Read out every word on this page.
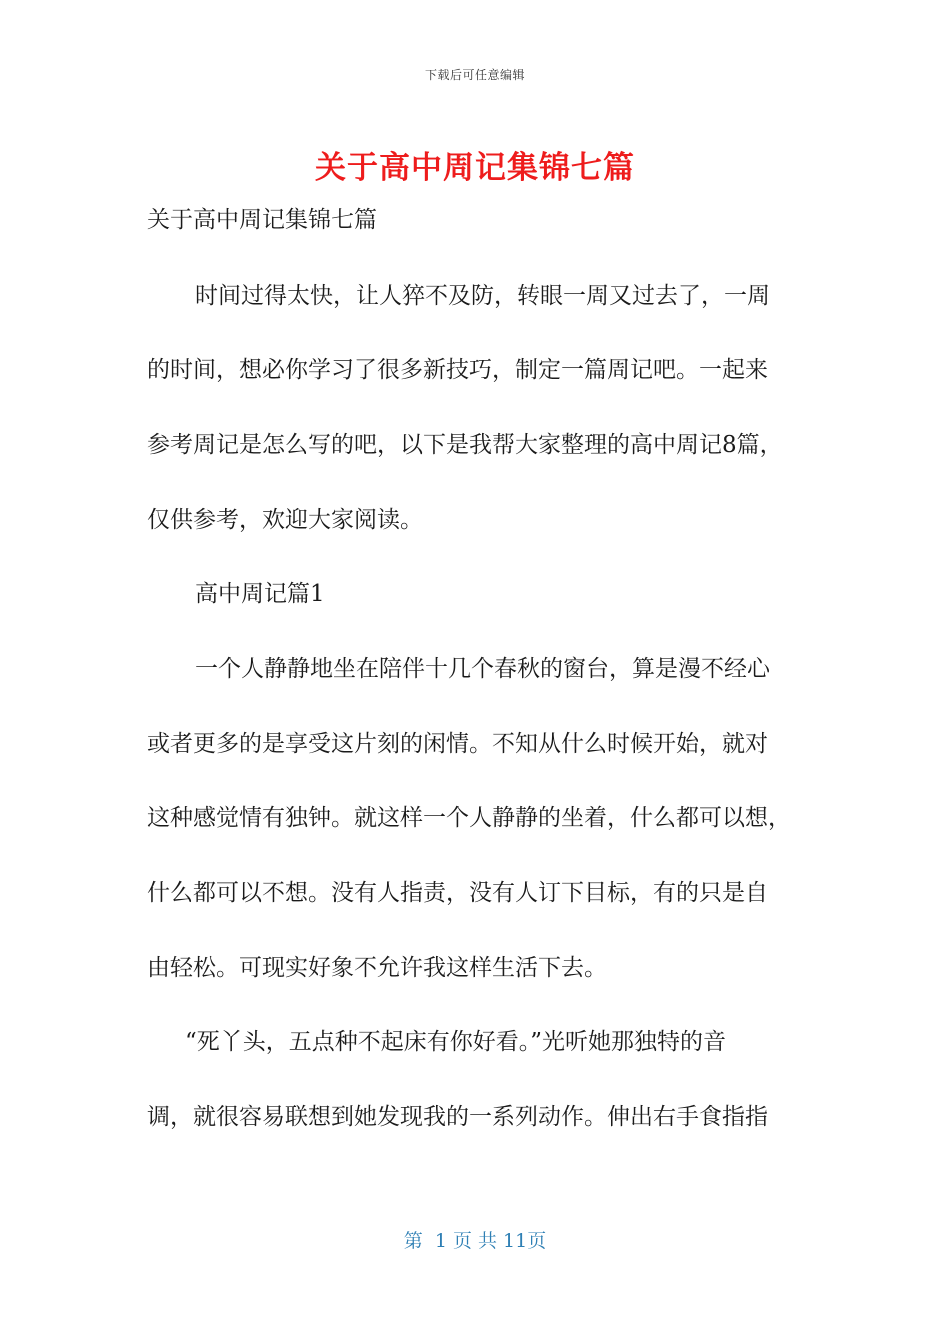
下载后可任意编辑
关于高中周记集锦七篇
关于高中周记集锦七篇
时间过得太快，让人猝不及防，转眼一周又过去了，一周
的时间，想必你学习了很多新技巧，制定一篇周记吧。一起来
参考周记是怎么写的吧，以下是我帮大家整理的高中周记8篇，
仅供参考，欢迎大家阅读。
高中周记篇1
一个人静静地坐在陪伴十几个春秋的窗台，算是漫不经心
或者更多的是享受这片刻的闲情。不知从什么时候开始，就对
这种感觉情有独钟。就这样一个人静静的坐着，什么都可以想，
什么都可以不想。没有人指责，没有人订下目标，有的只是自
由轻松。可现实好象不允许我这样生活下去。
“死丫头，五点种不起床有你好看。”光听她那独特的音
调，就很容易联想到她发现我的一系列动作。伸出右手食指指
第  1 页 共 11页
